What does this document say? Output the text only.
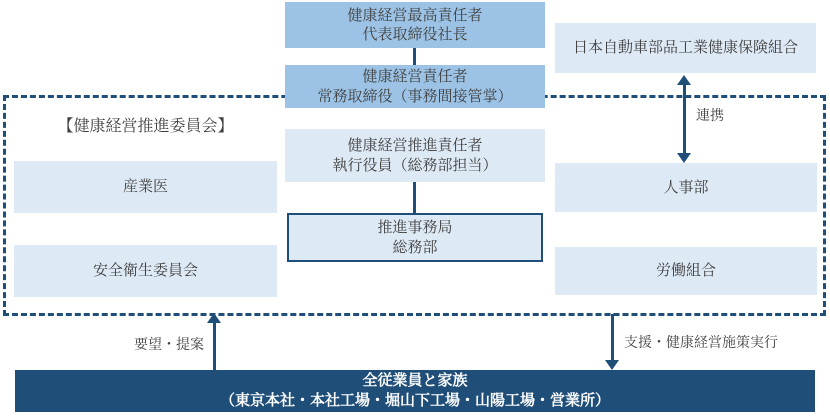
【健康経営推進委員会】
健康経営最高責任者
代表取締役社長
健康経営責任者
常務取締役（事務間接管掌）
健康経営推進責任者
執行役員（総務部担当）
推進事務局
総務部
産業医
安全衛生委員会
日本自動車部品工業健康保険組合
人事部
労働組合
連携
要望・提案	支援・健康経営施策実行
全従業員と家族
（東京本社・本社工場・堀山下工場・山陽工場・営業所）
